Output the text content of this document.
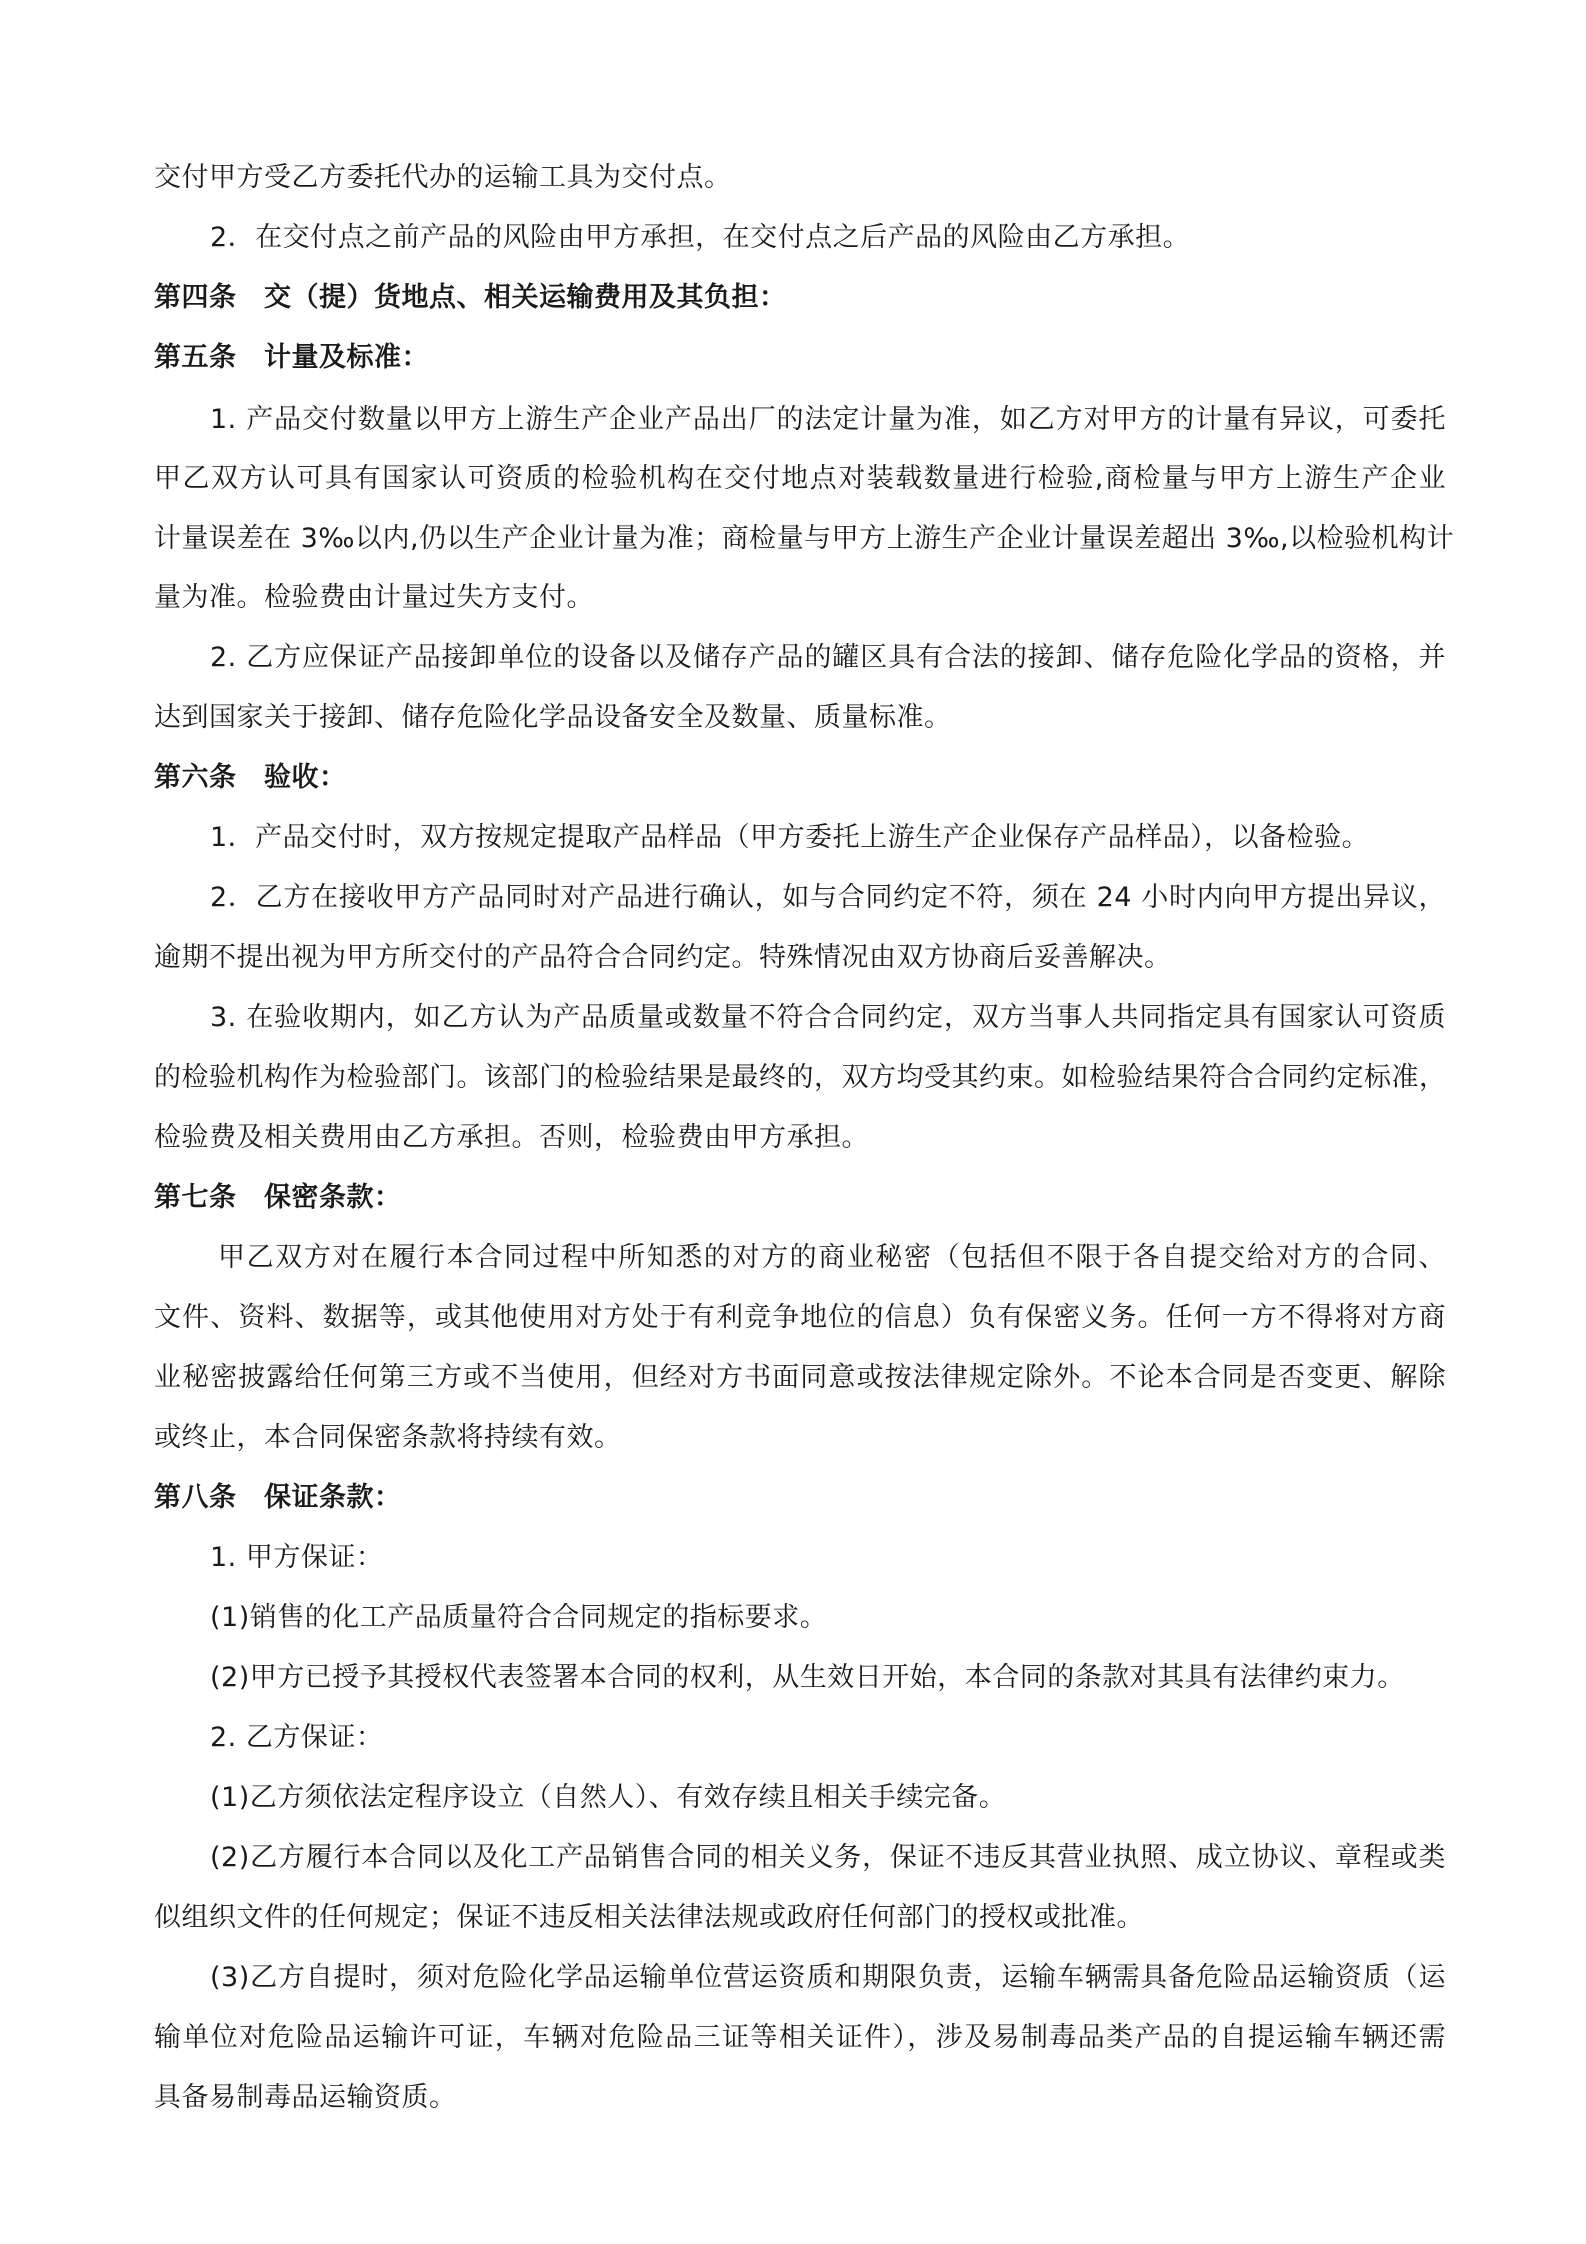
交付甲方受乙方委托代办的运输工具为交付点。
2．在交付点之前产品的风险由甲方承担，在交付点之后产品的风险由乙方承担。
第四条　交（提）货地点、相关运输费用及其负担：
第五条　计量及标准：
1. 产品交付数量以甲方上游生产企业产品出厂的法定计量为准，如乙方对甲方的计量有异议，可委托
甲乙双方认可具有国家认可资质的检验机构在交付地点对装载数量进行检验,商检量与甲方上游生产企业
计量误差在 3‰以内,仍以生产企业计量为准；商检量与甲方上游生产企业计量误差超出 3‰,以检验机构计
量为准。检验费由计量过失方支付。
2. 乙方应保证产品接卸单位的设备以及储存产品的罐区具有合法的接卸、储存危险化学品的资格，并
达到国家关于接卸、储存危险化学品设备安全及数量、质量标准。
第六条　验收：
1．产品交付时，双方按规定提取产品样品（甲方委托上游生产企业保存产品样品），以备检验。
2．乙方在接收甲方产品同时对产品进行确认，如与合同约定不符，须在 24 小时内向甲方提出异议，
逾期不提出视为甲方所交付的产品符合合同约定。特殊情况由双方协商后妥善解决。
3. 在验收期内，如乙方认为产品质量或数量不符合合同约定，双方当事人共同指定具有国家认可资质
的检验机构作为检验部门。该部门的检验结果是最终的，双方均受其约束。如检验结果符合合同约定标准，
检验费及相关费用由乙方承担。否则，检验费由甲方承担。
第七条　保密条款：
甲乙双方对在履行本合同过程中所知悉的对方的商业秘密（包括但不限于各自提交给对方的合同、
文件、资料、数据等，或其他使用对方处于有利竞争地位的信息）负有保密义务。任何一方不得将对方商
业秘密披露给任何第三方或不当使用，但经对方书面同意或按法律规定除外。不论本合同是否变更、解除
或终止，本合同保密条款将持续有效。
第八条　保证条款：
1. 甲方保证：
(1)销售的化工产品质量符合合同规定的指标要求。
(2)甲方已授予其授权代表签署本合同的权利，从生效日开始，本合同的条款对其具有法律约束力。
2. 乙方保证：
(1)乙方须依法定程序设立（自然人）、有效存续且相关手续完备。
(2)乙方履行本合同以及化工产品销售合同的相关义务，保证不违反其营业执照、成立协议、章程或类
似组织文件的任何规定；保证不违反相关法律法规或政府任何部门的授权或批准。
(3)乙方自提时，须对危险化学品运输单位营运资质和期限负责，运输车辆需具备危险品运输资质（运
输单位对危险品运输许可证，车辆对危险品三证等相关证件），涉及易制毒品类产品的自提运输车辆还需
具备易制毒品运输资质。
